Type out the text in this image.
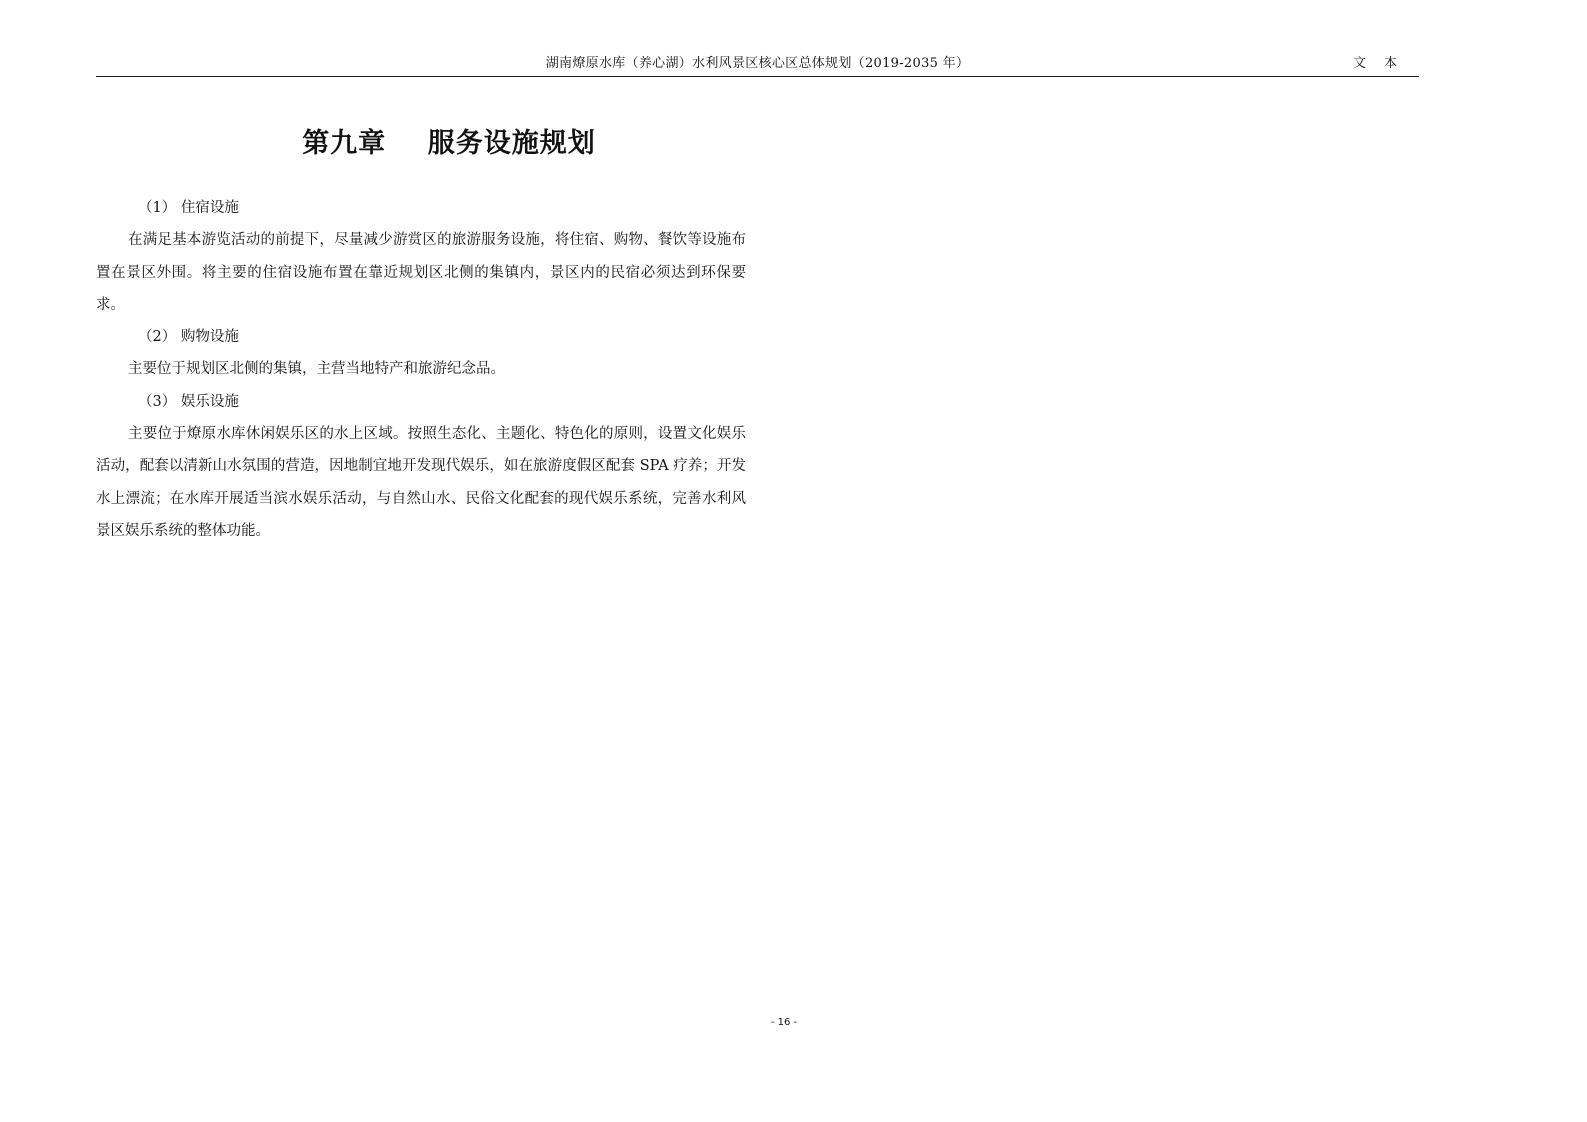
湖南燎原水库（养心湖）水利风景区核心区总体规划（2019-2035 年）	文本
第九章    服务设施规划

（1） 住宿设施

在满足基本游览活动的前提下，尽量减少游赏区的旅游服务设施，将住宿、购物、餐饮等设施布置在景区外围。将主要的住宿设施布置在靠近规划区北侧的集镇内，景区内的民宿必须达到环保要求。

（2） 购物设施

主要位于规划区北侧的集镇，主营当地特产和旅游纪念品。

（3） 娱乐设施

主要位于燎原水库休闲娱乐区的水上区域。按照生态化、主题化、特色化的原则，设置文化娱乐活动，配套以清新山水氛围的营造，因地制宜地开发现代娱乐，如在旅游度假区配套 SPA 疗养；开发水上漂流；在水库开展适当滨水娱乐活动，与自然山水、民俗文化配套的现代娱乐系统，完善水利风景区娱乐系统的整体功能。

- 16 -
